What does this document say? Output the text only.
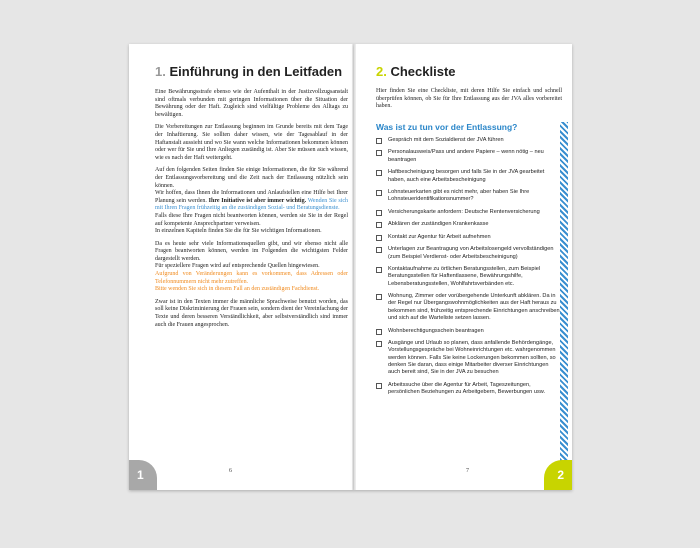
1. Einführung in den Leitfaden

Eine Bewährungsstrafe ebenso wie der Aufenthalt in der Justizvollzugsanstalt sind oftmals verbunden mit geringen Informationen über die Situation der Bewährung oder der Haft. Zugleich sind vielfältige Probleme des Alltags zu bewältigen.

Die Vorbereitungen zur Entlassung beginnen im Grunde bereits mit dem Tage der Inhaftierung. Sie sollten daher wissen, wie der Tagesablauf in der Haftanstalt aussieht und wo Sie wann welche Informationen bekommen können oder wer für Sie und Ihre Anliegen zuständig ist. Aber Sie müssen auch wissen, wie es nach der Haft weitergeht.

Auf den folgenden Seiten finden Sie einige Informationen, die für Sie während der Entlassungsvorbereitung und die Zeit nach der Entlassung nützlich sein können.
Wir hoffen, dass Ihnen die Informationen und Anlaufstellen eine Hilfe bei Ihrer Planung sein werden. Ihre Initiative ist aber immer wichtig. Wenden Sie sich mit Ihren Fragen frühzeitig an die zuständigen Sozial- und Beratungsdienste.
Falls diese Ihre Fragen nicht beantworten können, werden sie Sie in der Regel auf kompetente Ansprechpartner verweisen.
In einzelnen Kapiteln finden Sie die für Sie wichtigen Informationen.

Da es heute sehr viele Informationsquellen gibt, und wir ebenso nicht alle Fragen beantworten können, werden im Folgenden die wichtigsten Felder dargestellt werden.
Für speziellere Fragen wird auf entsprechende Quellen hingewiesen.
Aufgrund von Veränderungen kann es vorkommen, dass Adressen oder Telefonnummern nicht mehr zutreffen.
Bitte wenden Sie sich in diesem Fall an den zuständigen Fachdienst.

Zwar ist in den Texten immer die männliche Sprachweise benutzt worden, das soll keine Diskriminierung der Frauen sein, sondern dient der Vereinfachung der Texte und deren besseren Verständlichkeit, aber selbstverständlich sind immer auch die Frauen angesprochen.

6
1
2. Checkliste

Hier finden Sie eine Checkliste, mit deren Hilfe Sie einfach und schnell überprüfen können, ob Sie für Ihre Entlassung aus der JVA alles vorbereitet haben.

Was ist zu tun vor der Entlassung?
Gespräch mit dem Sozialdienst der JVA führen
Personalausweis/Pass und andere Papiere – wenn nötig – neu beantragen
Haftbescheinigung besorgen und falls Sie in der JVA gearbeitet haben, auch eine Arbeitsbescheinigung
Lohnsteuerkarten gibt es nicht mehr, aber haben Sie Ihre Lohnsteueridentifikationsnummer?
Versicherungskarte anfordern: Deutsche Rentenversicherung
Abklären der zuständigen Krankenkasse
Kontakt zur Agentur für Arbeit aufnehmen
Unterlagen zur Beantragung von Arbeitslosengeld vervollständigen (zum Beispiel Verdienst- oder Arbeitsbescheinigung)
Kontaktaufnahme zu örtlichen Beratungsstellen, zum Beispiel Beratungsstellen für Haftentlassene, Bewährungshilfe, Lebensberatungsstellen, Wohlfahrtsverbänden etc.
Wohnung, Zimmer oder vorübergehende Unterkunft abklären. Da in der Regel nur Übergangswohnmöglichkeiten aus der Haft heraus zu bekommen sind, frühzeitig entsprechende Einrichtungen anschreiben und sich auf die Warteliste setzen lassen.
Wohnberechtigungsschein beantragen
Ausgänge und Urlaub so planen, dass anfallende Behördengänge, Vorstellungsgespräche bei Wohneinrichtungen etc. wahrgenommen werden können. Falls Sie keine Lockerungen bekommen sollten, so denken Sie daran, dass einige Mitarbeiter diverser Einrichtungen auch bereit sind, Sie in der JVA zu besuchen
Arbeitssuche über die Agentur für Arbeit, Tageszeitungen, persönlichen Beziehungen zu Arbeitgebern, Bewerbungen usw.
7	2
